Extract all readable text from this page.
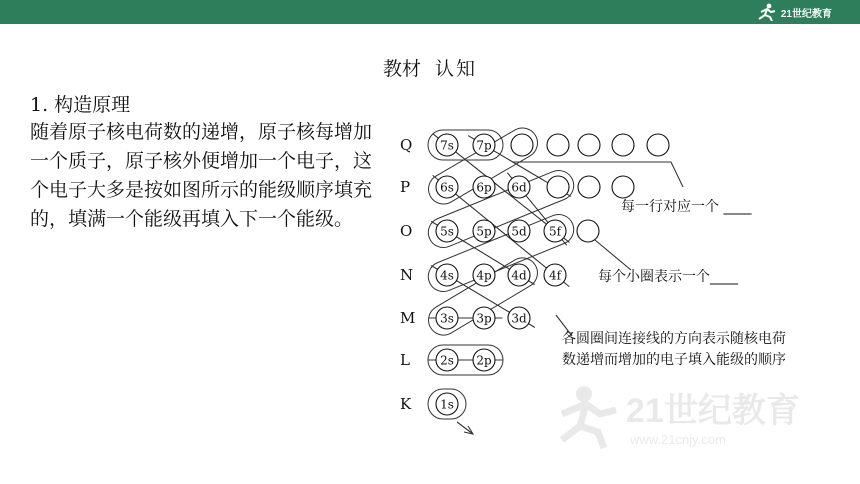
21世纪教育
教材 认知
1. 构造原理
随着原子核电荷数的递增，原子核每增加一个质子，原子核外便增加一个电子，这个电子大多是按如图所示的能级顺序填充的，填满一个能级再填入下一个能级。
21世纪教育
www.21cnjy.com
Q
P
O
N
M
L
K
7s 7p
6s 6p 6d
5s 5p 5d 5f
4s 4p 4d 4f
3s 3p 3d
2s 2p
1s
每一行对应一个 ____
每个小圈表示一个____
各圆圈间连接线的方向表示随核电荷
数递增而增加的电子填入能级的顺序
